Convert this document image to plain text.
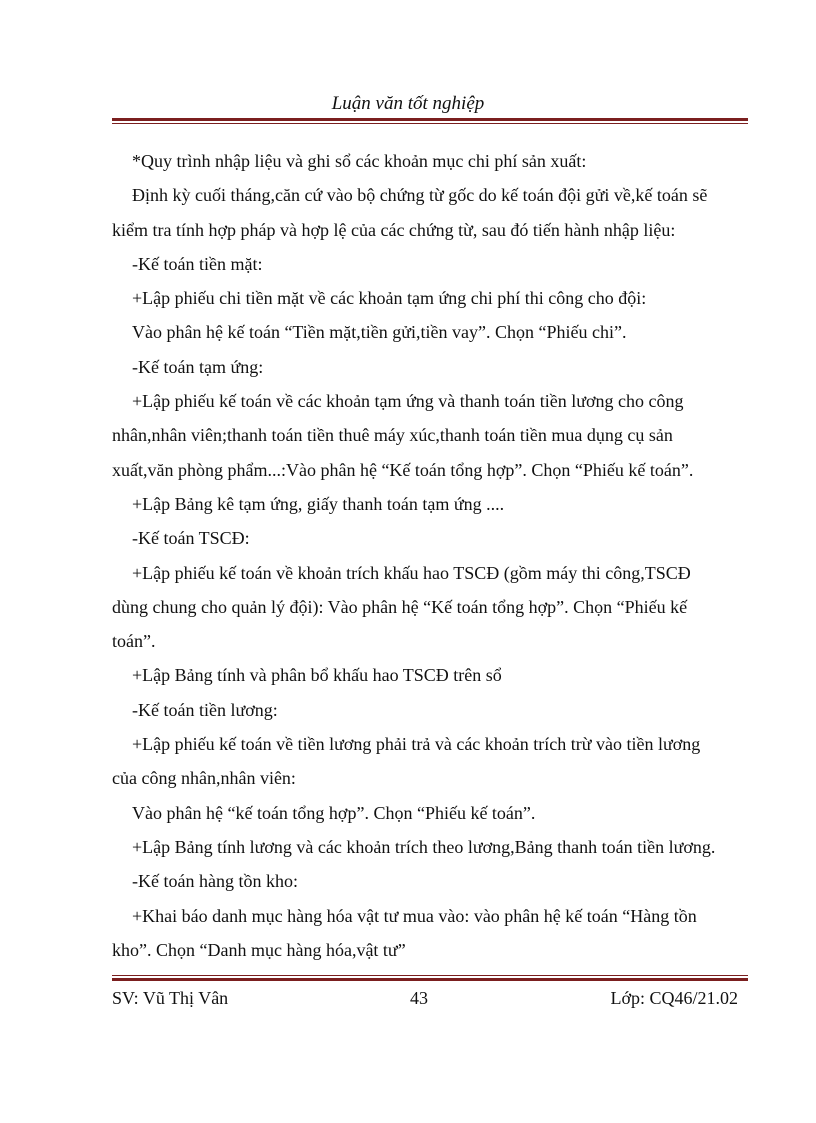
Luận văn tốt nghiệp
*Quy trình nhập liệu và ghi sổ các khoản mục chi phí sản xuất:
Định kỳ cuối tháng,căn cứ vào bộ chứng từ gốc do kế toán đội gửi về,kế toán sẽ
kiểm tra tính hợp pháp và hợp lệ của các chứng từ, sau đó tiến hành nhập liệu:
-Kế toán tiền mặt:
+Lập phiếu chi tiền mặt về các khoản tạm ứng chi phí thi công cho đội:
Vào phân hệ kế toán “Tiền mặt,tiền gửi,tiền vay”. Chọn “Phiếu chi”.
-Kế toán tạm ứng:
+Lập phiếu kế toán về các khoản tạm ứng và thanh toán tiền lương cho công
nhân,nhân viên;thanh toán tiền thuê máy xúc,thanh toán tiền mua dụng cụ sản
xuất,văn phòng phẩm...:Vào phân hệ “Kế toán tổng hợp”. Chọn “Phiếu kế toán”.
+Lập Bảng kê tạm ứng, giấy thanh toán tạm ứng ....
-Kế toán TSCĐ:
+Lập phiếu kế toán về khoản trích khấu hao TSCĐ (gồm máy thi công,TSCĐ
dùng chung cho quản lý đội): Vào phân hệ “Kế toán tổng hợp”. Chọn “Phiếu kế
toán”.
+Lập Bảng tính và phân bổ khấu hao TSCĐ trên sổ
-Kế toán tiền lương:
+Lập phiếu kế toán về tiền lương phải trả và các khoản trích trừ vào tiền lương
của công nhân,nhân viên:
Vào phân hệ “kế toán tổng hợp”. Chọn “Phiếu kế toán”.
+Lập Bảng tính lương và các khoản trích theo lương,Bảng thanh toán tiền lương.
-Kế toán hàng tồn kho:
+Khai báo danh mục hàng hóa vật tư mua vào: vào phân hệ kế toán “Hàng tồn
kho”. Chọn “Danh mục hàng hóa,vật tư”
SV: Vũ Thị Vân	43	Lớp: CQ46/21.02
